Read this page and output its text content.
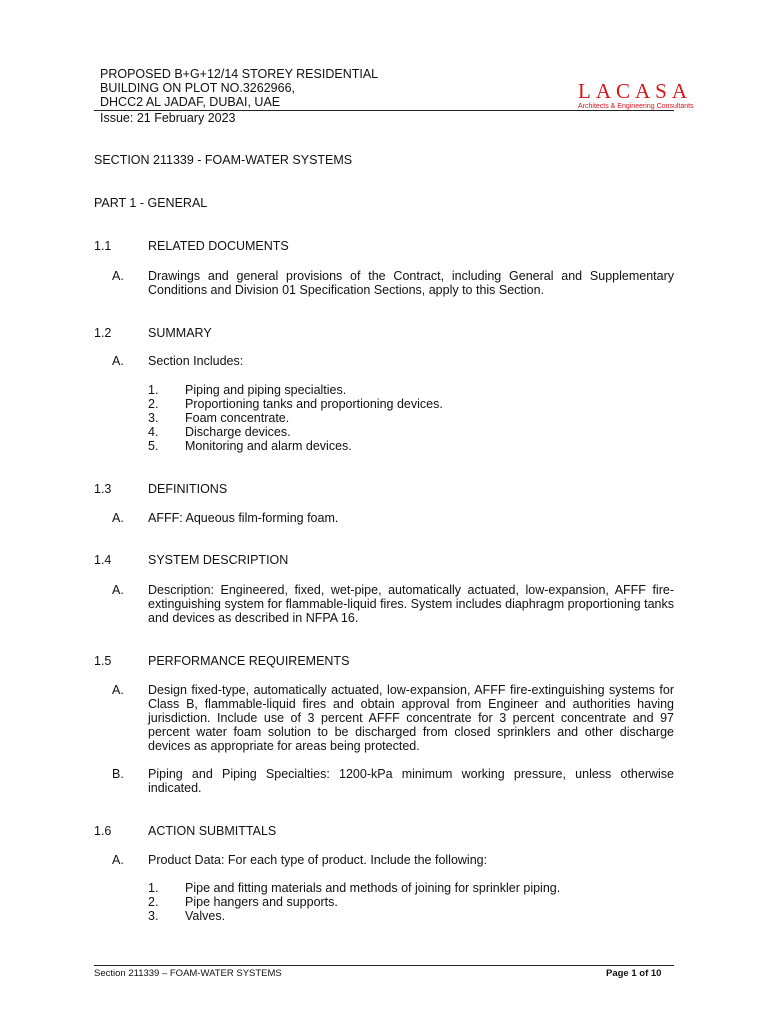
PROPOSED B+G+12/14 STOREY RESIDENTIAL
BUILDING ON PLOT NO.3262966,
DHCC2 AL JADAF, DUBAI, UAE
Issue: 21 February 2023
LACASA
Architects & Engineering Consultants
SECTION 211339 - FOAM-WATER SYSTEMS
PART 1 - GENERAL
1.1	RELATED DOCUMENTS
A. Drawings and general provisions of the Contract, including General and Supplementary Conditions and Division 01 Specification Sections, apply to this Section.
1.2	SUMMARY
A. Section Includes:
1. Piping and piping specialties.
2. Proportioning tanks and proportioning devices.
3. Foam concentrate.
4. Discharge devices.
5. Monitoring and alarm devices.
1.3	DEFINITIONS
A. AFFF: Aqueous film-forming foam.
1.4	SYSTEM DESCRIPTION
A. Description: Engineered, fixed, wet-pipe, automatically actuated, low-expansion, AFFF fire-extinguishing system for flammable-liquid fires. System includes diaphragm proportioning tanks and devices as described in NFPA 16.
1.5	PERFORMANCE REQUIREMENTS
A. Design fixed-type, automatically actuated, low-expansion, AFFF fire-extinguishing systems for Class B, flammable-liquid fires and obtain approval from Engineer and authorities having jurisdiction. Include use of 3 percent AFFF concentrate for 3 percent concentrate and 97 percent water foam solution to be discharged from closed sprinklers and other discharge devices as appropriate for areas being protected.
B. Piping and Piping Specialties: 1200-kPa minimum working pressure, unless otherwise indicated.
1.6	ACTION SUBMITTALS
A. Product Data: For each type of product. Include the following:
1. Pipe and fitting materials and methods of joining for sprinkler piping.
2. Pipe hangers and supports.
3. Valves.
Section 211339 – FOAM-WATER SYSTEMS	Page 1 of 10
